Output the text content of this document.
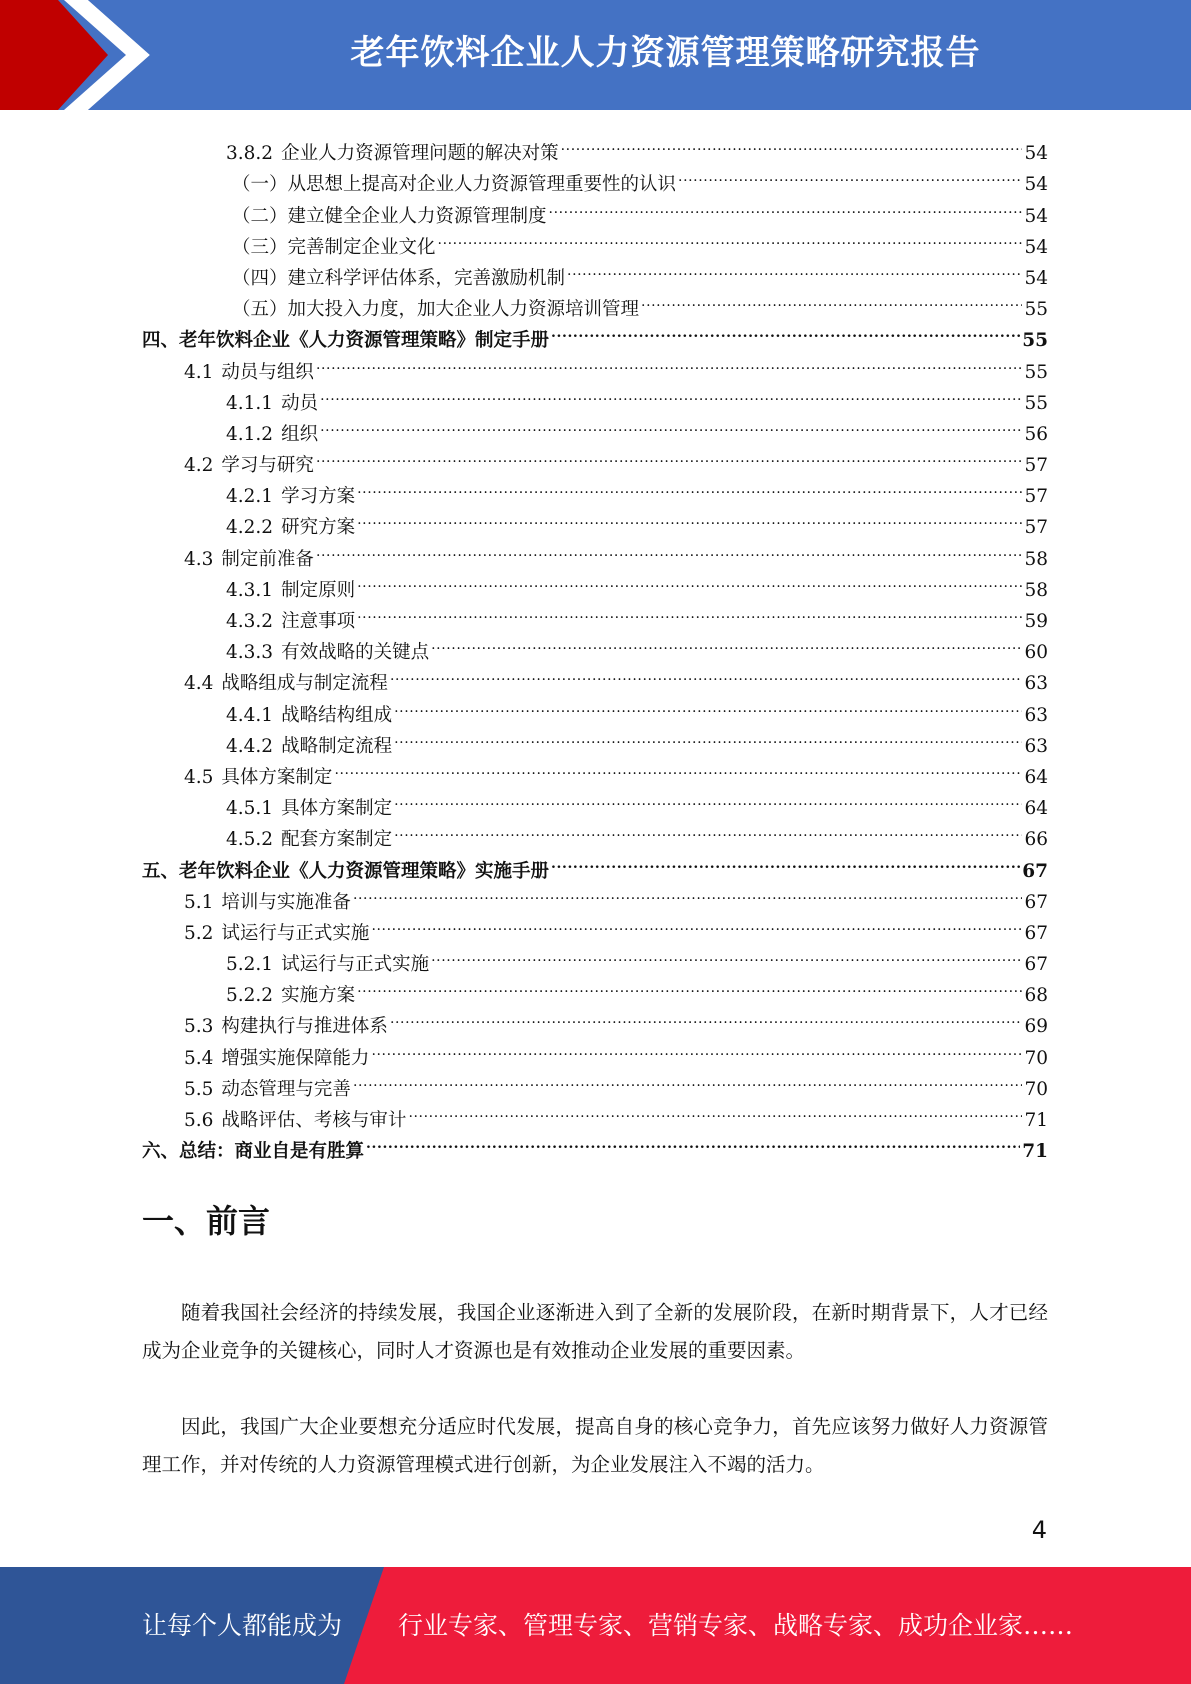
老年饮料企业人力资源管理策略研究报告
3.8.2 企业人力资源管理问题的解决对策 .....	54
（一）从思想上提高对企业人力资源管理重要性的认识 .....	54
（二）建立健全企业人力资源管理制度 .....	54
（三）完善制定企业文化 .....	54
（四）建立科学评估体系，完善激励机制 .....	54
（五）加大投入力度，加大企业人力资源培训管理 .....	55
四、老年饮料企业《人力资源管理策略》制定手册 .....	55
4.1 动员与组织 .....	55
4.1.1 动员 .....	55
4.1.2 组织 .....	56
4.2 学习与研究 .....	57
4.2.1 学习方案 .....	57
4.2.2 研究方案 .....	57
4.3 制定前准备 .....	58
4.3.1 制定原则 .....	58
4.3.2 注意事项 .....	59
4.3.3 有效战略的关键点 .....	60
4.4 战略组成与制定流程 .....	63
4.4.1 战略结构组成 .....	63
4.4.2 战略制定流程 .....	63
4.5 具体方案制定 .....	64
4.5.1 具体方案制定 .....	64
4.5.2 配套方案制定 .....	66
五、老年饮料企业《人力资源管理策略》实施手册 .....	67
5.1 培训与实施准备 .....	67
5.2 试运行与正式实施 .....	67
5.2.1 试运行与正式实施 .....	67
5.2.2 实施方案 .....	68
5.3 构建执行与推进体系 .....	69
5.4 增强实施保障能力 .....	70
5.5 动态管理与完善 .....	70
5.6 战略评估、考核与审计 .....	71
六、总结：商业自是有胜算 .....	71
一、前言

随着我国社会经济的持续发展，我国企业逐渐进入到了全新的发展阶段，在新时期背景下，人才已经成为企业竞争的关键核心，同时人才资源也是有效推动企业发展的重要因素。

因此，我国广大企业要想充分适应时代发展，提高自身的核心竞争力，首先应该努力做好人力资源管理工作，并对传统的人力资源管理模式进行创新，为企业发展注入不竭的活力。

4
让每个人都能成为 行业专家、管理专家、营销专家、战略专家、成功企业家……
